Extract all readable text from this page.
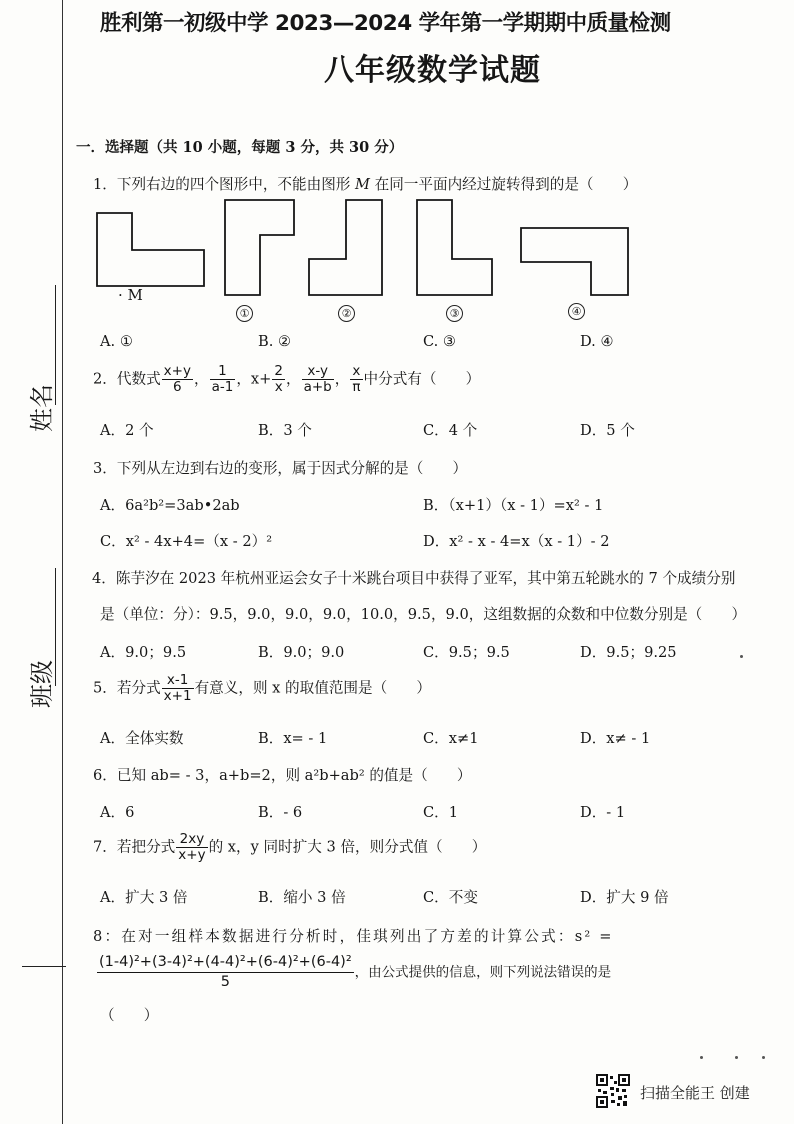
姓名
班级
胜利第一初级中学 2023—2024 学年第一学期期中质量检测
八年级数学试题
一．选择题（共 10 小题，每题 3 分，共 30 分）
1．下列右边的四个图形中，不能由图形 M 在同一平面内经过旋转得到的是（　　）
· M
①	②	③	④
A. ①	B. ②	C. ③	D. ④
2．代数式 $\frac{x+y}{6}$ ， $\frac{1}{a-1}$ ，$x+ \frac{2}{x}$ ， $\frac{x-y}{a+b}$ ， $\frac{x}{\pi}$ 中分式有（　　）
A．2 个	B．3 个	C．4 个	D．5 个
3．下列从左边到右边的变形，属于因式分解的是（　　）
A．6a²b²=3ab•2ab	B．（x+1）（x - 1）=x² - 1
C．x² - 4x+4=（x - 2）²	D．x² - x - 4=x（x - 1）- 2
4．陈芋汐在 2023 年杭州亚运会女子十米跳台项目中获得了亚军，其中第五轮跳水的 7 个成绩分别
是（单位：分）：9.5，9.0，9.0，9.0，10.0，9.5，9.0，这组数据的众数和中位数分别是（　　）
A．9.0；9.5	B．9.0；9.0	C．9.5；9.5	D．9.5；9.25
5．若分式 $\frac{x-1}{x+1}$ 有意义，则 x 的取值范围是（　　）
A．全体实数	B．x= - 1	C．x≠1	D．x≠ - 1
6．已知 ab= - 3，a+b=2，则 a²b+ab² 的值是（　　）
A．6	B．- 6	C．1	D．- 1
7．若把分式 $\frac{2xy}{x+y}$ 的 x，y 同时扩大 3 倍，则分式值（　　）
A．扩大 3 倍	B．缩小 3 倍	C．不变	D．扩大 9 倍
8：在对一组样本数据进行分析时，佳琪列出了方差的计算公式：s² =
$\frac{\text{(1-4)²+(3-4)²+(4-4)²+(6-4)²+(6-4)²}}{5}$ ，由公式提供的信息，则下列说法错误的是
（　　）
扫描全能王 创建
